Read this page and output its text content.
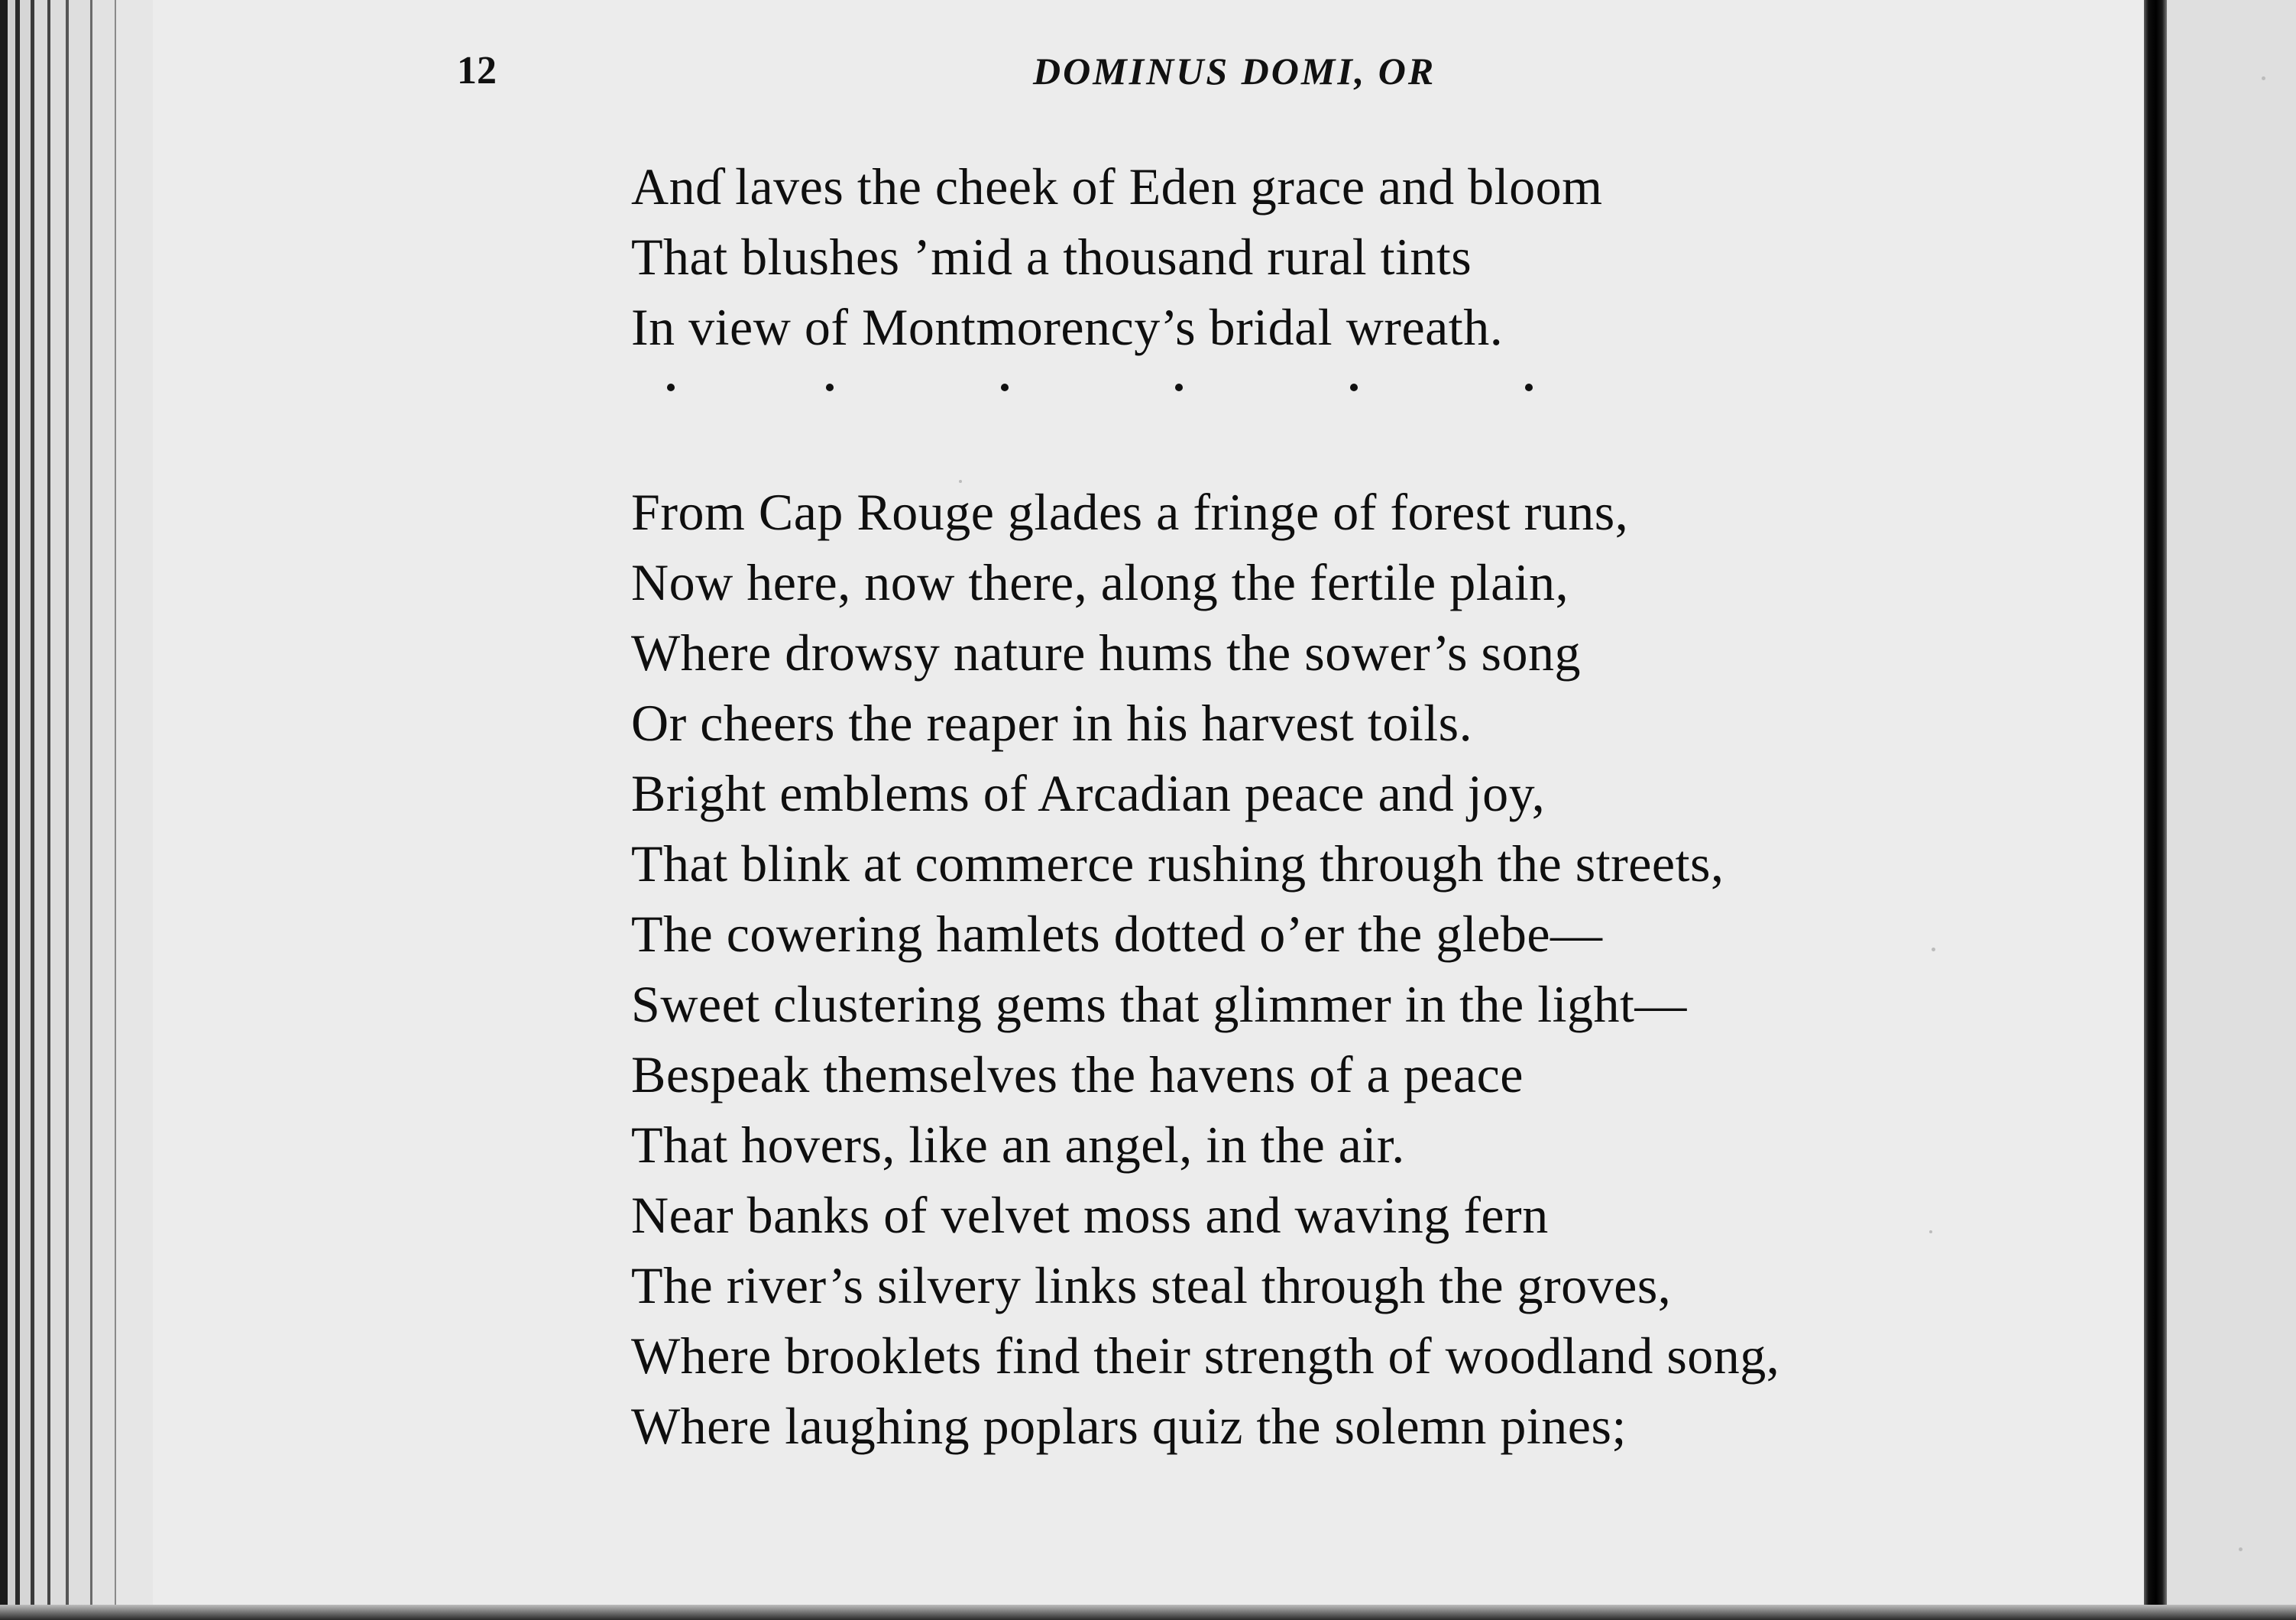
12	DOMINUS DOMI, OR
Anɗ laves the cheek of Eden grace and bloom
That blushes ’mid a thousand rural tints
In view of Montmorency’s bridal wreath.
From Cap Rouge glades a fringe of forest runs,
Now here, now there, along the fertile plain,
Where drowsy nature hums the sower’s song
Or cheers the reaper in his harvest toils.
Bright emblems of Arcadian peace and joy,
That blink at commerce rushing through the streets,
The cowering hamlets dotted o’er the glebe—
Sweet clustering gems that glimmer in the light—
Bespeak themselves the havens of a peace
That hovers, like an angel, in the air.
Near banks of velvet moss and waving fern
The river’s silvery links steal through the groves,
Where brooklets find their strength of woodland song,
Where laughing poplars quiz the solemn pines;
